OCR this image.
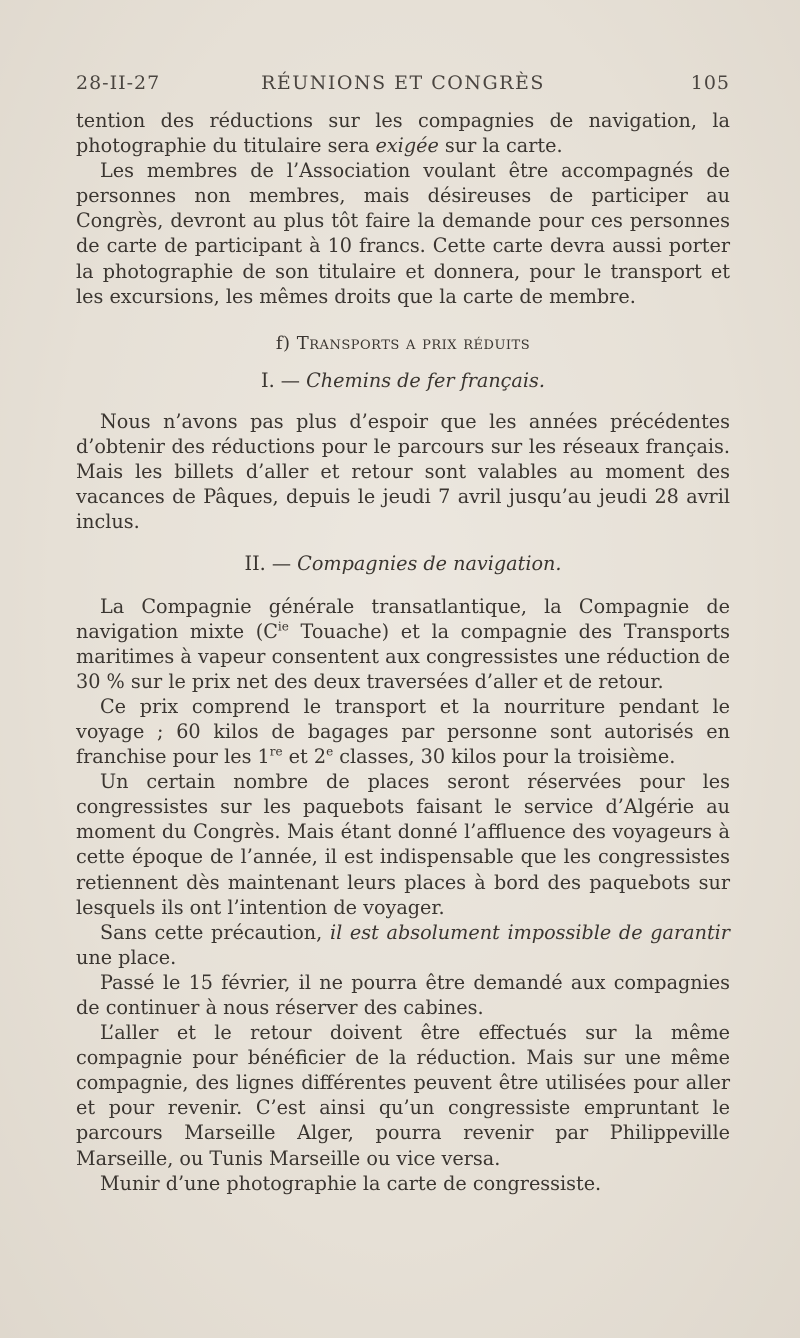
28-II-27	RÉUNIONS ET CONGRÈS	105

tention des réductions sur les compagnies de navigation, la photographie du titulaire sera exigée sur la carte.

Les membres de l’Association voulant être accompagnés de personnes non membres, mais désireuses de participer au Congrès, devront au plus tôt faire la demande pour ces personnes de carte de participant à 10 francs. Cette carte devra aussi porter la photographie de son titulaire et donnera, pour le transport et les excursions, les mêmes droits que la carte de membre.

f) Transports a prix réduits
I. — Chemins de fer français.

Nous n’avons pas plus d’espoir que les années précédentes d’obtenir des réductions pour le parcours sur les réseaux français. Mais les billets d’aller et retour sont valables au moment des vacances de Pâques, depuis le jeudi 7 avril jusqu’au jeudi 28 avril inclus.

II. — Compagnies de navigation.

La Compagnie générale transatlantique, la Compagnie de navigation mixte ($C^{ie}$ Touache) et la compagnie des Transports maritimes à vapeur consentent aux congressistes une réduction de 30 % sur le prix net des deux traversées d’aller et de retour.

Ce prix comprend le transport et la nourriture pendant le voyage ; 60 kilos de bagages par personne sont autorisés en franchise pour les 1re et 2e classes, 30 kilos pour la troisième.

Un certain nombre de places seront réservées pour les congressistes sur les paquebots faisant le service d’Algérie au moment du Congrès. Mais étant donné l’affluence des voyageurs à cette époque de l’année, il est indispensable que les congressistes retiennent dès maintenant leurs places à bord des paquebots sur lesquels ils ont l’intention de voyager.

Sans cette précaution, il est absolument impossible de garantir une place.

Passé le 15 février, il ne pourra être demandé aux compagnies de continuer à nous réserver des cabines.

L’aller et le retour doivent être effectués sur la même compagnie pour bénéficier de la réduction. Mais sur une même compagnie, des lignes différentes peuvent être utilisées pour aller et pour revenir. C’est ainsi qu’un congressiste empruntant le parcours Marseille Alger, pourra revenir par Philippeville Marseille, ou Tunis Marseille ou vice versa.

Munir d’une photographie la carte de congressiste.
